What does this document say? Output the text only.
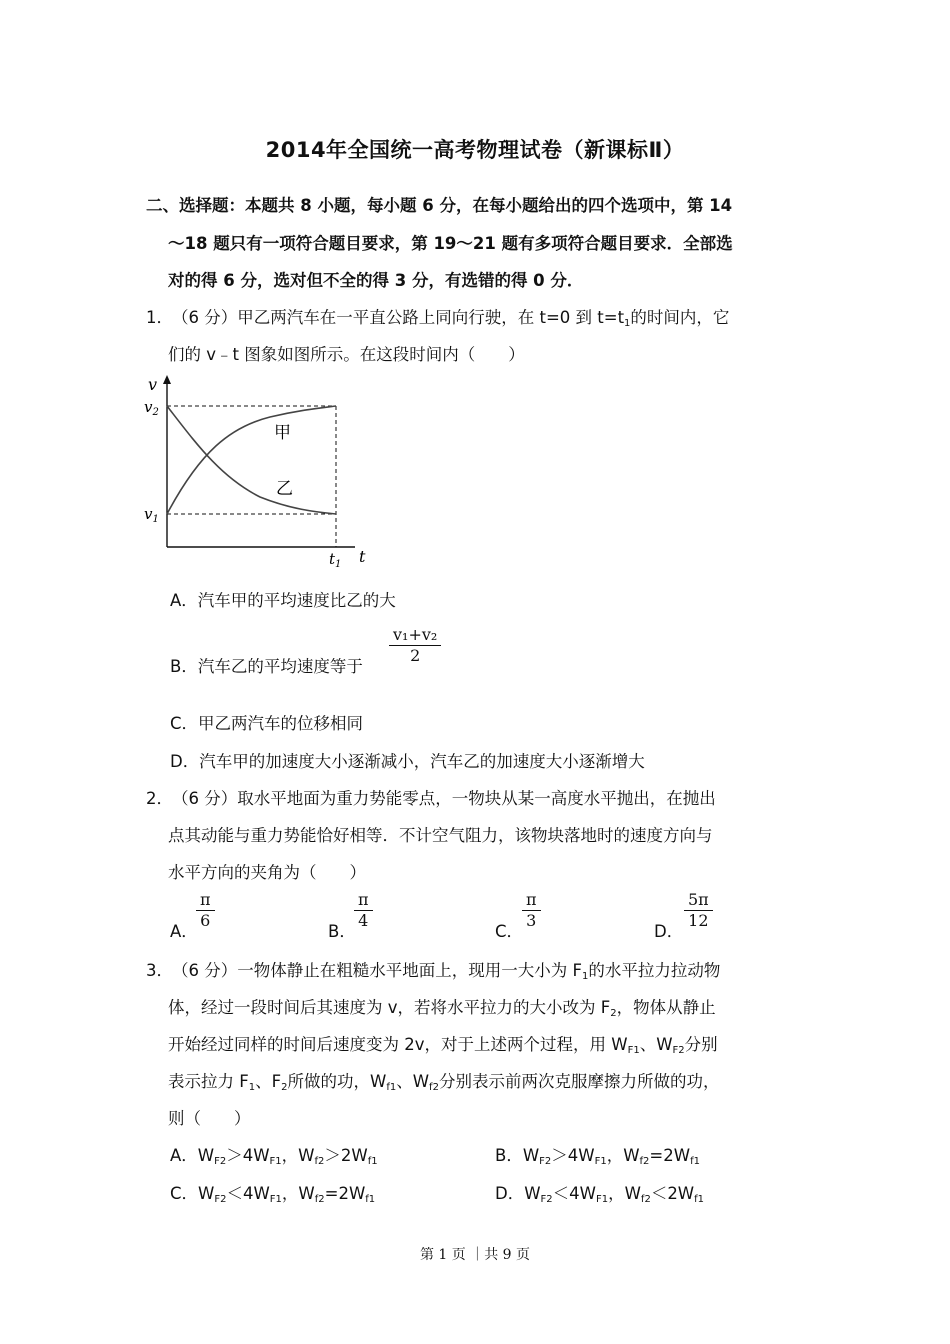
2014年全国统一高考物理试卷（新课标Ⅱ）
二、选择题：本题共 8 小题，每小题 6 分，在每小题给出的四个选项中，第 14
～18 题只有一项符合题目要求，第 19～21 题有多项符合题目要求．全部选
对的得 6 分，选对但不全的得 3 分，有选错的得 0 分．
1． （6 分）甲乙两汽车在一平直公路上同向行驶，在 t=0 到 $t=t_1$的时间内，它
们的 v﹣t 图象如图所示。在这段时间内（　　）
v
$v_2$
$v_1$
$t_1$ t
甲
乙
A．汽车甲的平均速度比乙的大
B．汽车乙的平均速度等于
v₁+v₂
2
C．甲乙两汽车的位移相同
D．汽车甲的加速度大小逐渐减小，汽车乙的加速度大小逐渐增大
2． （6 分）取水平地面为重力势能零点，一物块从某一高度水平抛出，在抛出
点其动能与重力势能恰好相等．不计空气阻力，该物块落地时的速度方向与
水平方向的夹角为（　　）
A．
π
6
B．
π
4
C．
π
3
D．
5π
12
3． （6 分）一物体静止在粗糙水平地面上，现用一大小为 $F_1$的水平拉力拉动物
体，经过一段时间后其速度为 v，若将水平拉力的大小改为 $F_2$，物体从静止
开始经过同样的时间后速度变为 2v，对于上述两个过程，用 $W_{F1}$、$W_{F2}$分别
表示拉力 $F_1$、$F_2$所做的功，$W_{f1}$、$W_{f2}$分别表示前两次克服摩擦力所做的功，
则（　　）
A．$W_{F2}>4W_{F1}$，$W_{f2}>2W_{f1}$	B．$W_{F2}>4W_{F1}$，$W_{f2}=2W_{f1}$
C．$W_{F2}<4W_{F1}$，$W_{f2}=2W_{f1}$	D．$W_{F2}<4W_{F1}$，$W_{f2}<2W_{f1}$
第 1 页 ｜共 9 页
